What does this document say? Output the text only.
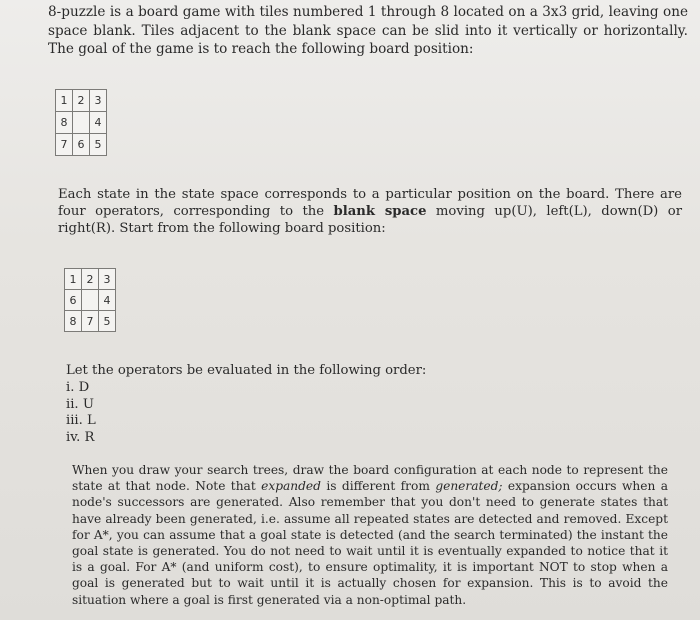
8-puzzle is a board game with tiles numbered 1 through 8 located on a 3x3 grid, leaving one space blank. Tiles adjacent to the blank space can be slid into it vertically or horizontally. The goal of the game is to reach the following board position:

1	2	3
8		4
7	6	5

Each state in the state space corresponds to a particular position on the board. There are four operators, corresponding to the blank space moving up(U), left(L), down(D) or right(R). Start from the following board position:

1	2	3
6		4
8	7	5

Let the operators be evaluated in the following order:

i. D
ii. U
iii. L
iv. R

When you draw your search trees, draw the board configuration at each node to represent the state at that node. Note that expanded is different from generated; expansion occurs when a node's successors are generated. Also remember that you don't need to generate states that have already been generated, i.e. assume all repeated states are detected and removed. Except for A*, you can assume that a goal state is detected (and the search terminated) the instant the goal state is generated. You do not need to wait until it is eventually expanded to notice that it is a goal. For A* (and uniform cost), to ensure optimality, it is important NOT to stop when a goal is generated but to wait until it is actually chosen for expansion. This is to avoid the situation where a goal is first generated via a non-optimal path.
